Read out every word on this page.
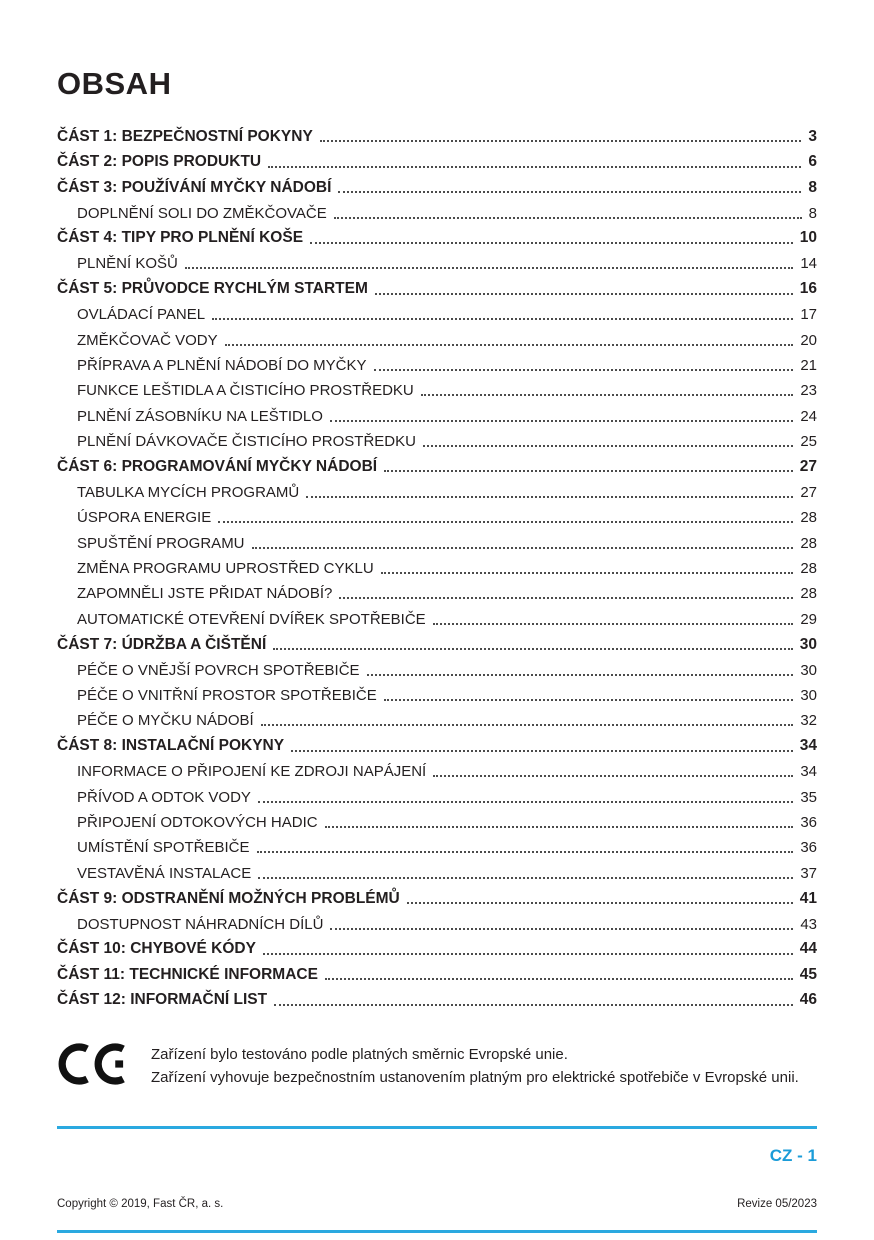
OBSAH
ČÁST 1: BEZPEČNOSTNÍ POKYNY	3
ČÁST 2: POPIS PRODUKTU	6
ČÁST 3: POUŽÍVÁNÍ MYČKY NÁDOBÍ	8
DOPLNĚNÍ SOLI DO ZMĚKČOVAČE	8
ČÁST 4: TIPY PRO PLNĚNÍ KOŠE	10
PLNĚNÍ KOŠŮ	14
ČÁST 5: PRŮVODCE RYCHLÝM STARTEM	16
OVLÁDACÍ PANEL	17
ZMĚKČOVAČ VODY	20
PŘÍPRAVA A PLNĚNÍ NÁDOBÍ DO MYČKY	21
FUNKCE LEŠTIDLA A ČISTICÍHO PROSTŘEDKU	23
PLNĚNÍ ZÁSOBNÍKU NA LEŠTIDLO	24
PLNĚNÍ DÁVKOVAČE ČISTICÍHO PROSTŘEDKU	25
ČÁST 6: PROGRAMOVÁNÍ MYČKY NÁDOBÍ	27
TABULKA MYCÍCH PROGRAMŮ	27
ÚSPORA ENERGIE	28
SPUŠTĚNÍ PROGRAMU	28
ZMĚNA PROGRAMU UPROSTŘED CYKLU	28
ZAPOMNĚLI JSTE PŘIDAT NÁDOBÍ?	28
AUTOMATICKÉ OTEVŘENÍ DVÍŘEK SPOTŘEBIČE	29
ČÁST 7: ÚDRŽBA A ČIŠTĚNÍ	30
PÉČE O VNĚJŠÍ POVRCH SPOTŘEBIČE	30
PÉČE O VNITŘNÍ PROSTOR SPOTŘEBIČE	30
PÉČE O MYČKU NÁDOBÍ	32
ČÁST 8: INSTALAČNÍ POKYNY	34
INFORMACE O PŘIPOJENÍ KE ZDROJI NAPÁJENÍ	34
PŘÍVOD A ODTOK VODY	35
PŘIPOJENÍ ODTOKOVÝCH HADIC	36
UMÍSTĚNÍ SPOTŘEBIČE	36
VESTAVĚNÁ INSTALACE	37
ČÁST 9: ODSTRANĚNÍ MOŽNÝCH PROBLÉMŮ	41
DOSTUPNOST NÁHRADNÍCH DÍLŮ	43
ČÁST 10: CHYBOVÉ KÓDY	44
ČÁST 11: TECHNICKÉ INFORMACE	45
ČÁST 12: INFORMAČNÍ LIST	46
Zařízení bylo testováno podle platných směrnic Evropské unie.
Zařízení vyhovuje bezpečnostním ustanovením platným pro elektrické spotřebiče v Evropské unii.
CZ - 1
Copyright © 2019, Fast ČR, a. s.	Revize 05/2023
